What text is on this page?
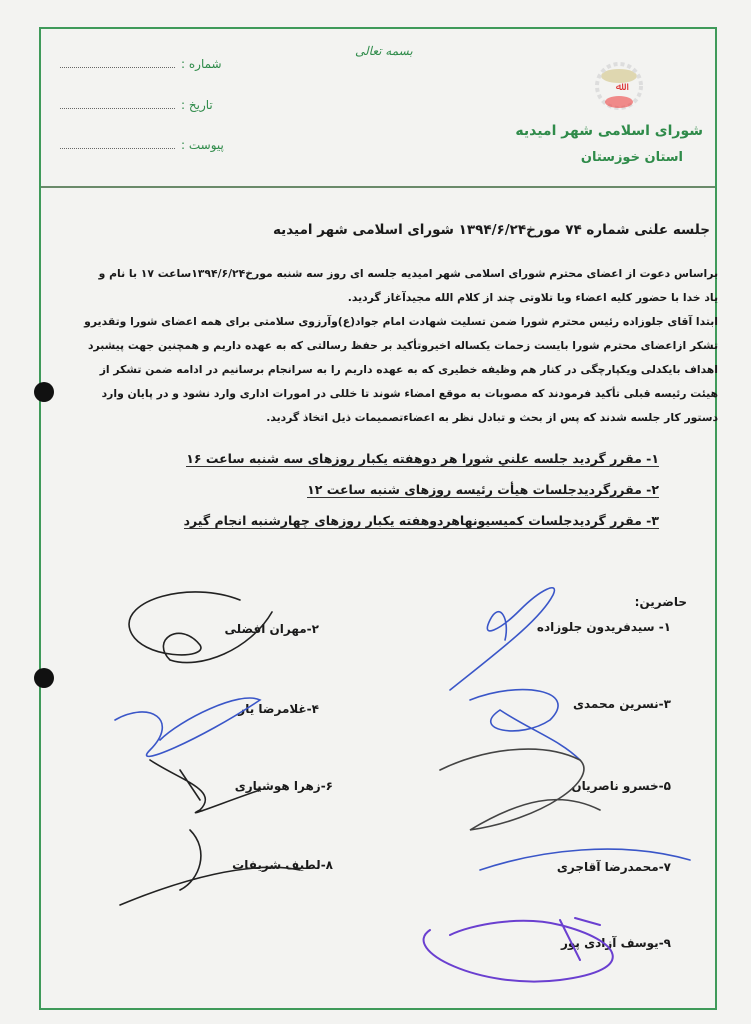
بسمه تعالی
شماره :
تاریخ :
پیوست :
ﷲ
شورای اسلامی شهر امیدیه
استان خوزستان
جلسه علنی شماره ۷۴ مورخ۱۳۹۴/۶/۲۴ شورای اسلامی شهر امیدیه
براساس دعوت از اعضای محترم شورای اسلامی شهر امیدیه جلسه ای روز سه شنبه مورخ۱۳۹۴/۶/۲۴ساعت ۱۷ با نام و
یاد خدا با حضور کلیه اعضاء وبا تلاوتی چند از کلام الله مجیدآغاز گردید.
ابتدا آقای جلوزاده رئیس محترم شورا ضمن تسلیت شهادت امام جواد(ع)وآرزوی سلامتی برای همه اعضای شورا وتقدیرو
تشکر ازاعضای محترم شورا بایست زحمات یکساله اخیروتأکید بر حفظ رسالتی که به عهده داریم و همچنین جهت پیشبرد
اهداف بایکدلی ویکپارچگی در کنار هم وظیفه خطیری که به عهده داریم را به سرانجام برسانیم در ادامه ضمن تشکر از
هیئت رئیسه قبلی تأکید فرمودند که مصوبات به موقع امضاء شوند تا خللی در امورات اداری وارد نشود و در پایان وارد
دستور کار جلسه شدند که پس از بحث و تبادل نظر به اعضاءتصمیمات ذیل اتخاذ گردید.
۱- مقرر گردید جلسه علني شورا هر دوهفته یکبار روزهای سه شنبه ساعت ۱۶
۲- مقررگردیدجلسات هیأت رئیسه روزهای شنبه ساعت ۱۲
۳- مقرر گردیدجلسات کمیسیونهاهردوهفته یکبار روزهای چهارشنبه انجام گیرد
حاضرین:
۱- سیدفریدون جلوزاده
۲-مهران افضلی
۳-نسرین محمدی
۴-غلامرضا یار
۵-خسرو ناصریان
۶-زهرا هوشیاری
۷-محمدرضا آقاجری
۸-لطیف شریفات
۹-یوسف آزادی پور
